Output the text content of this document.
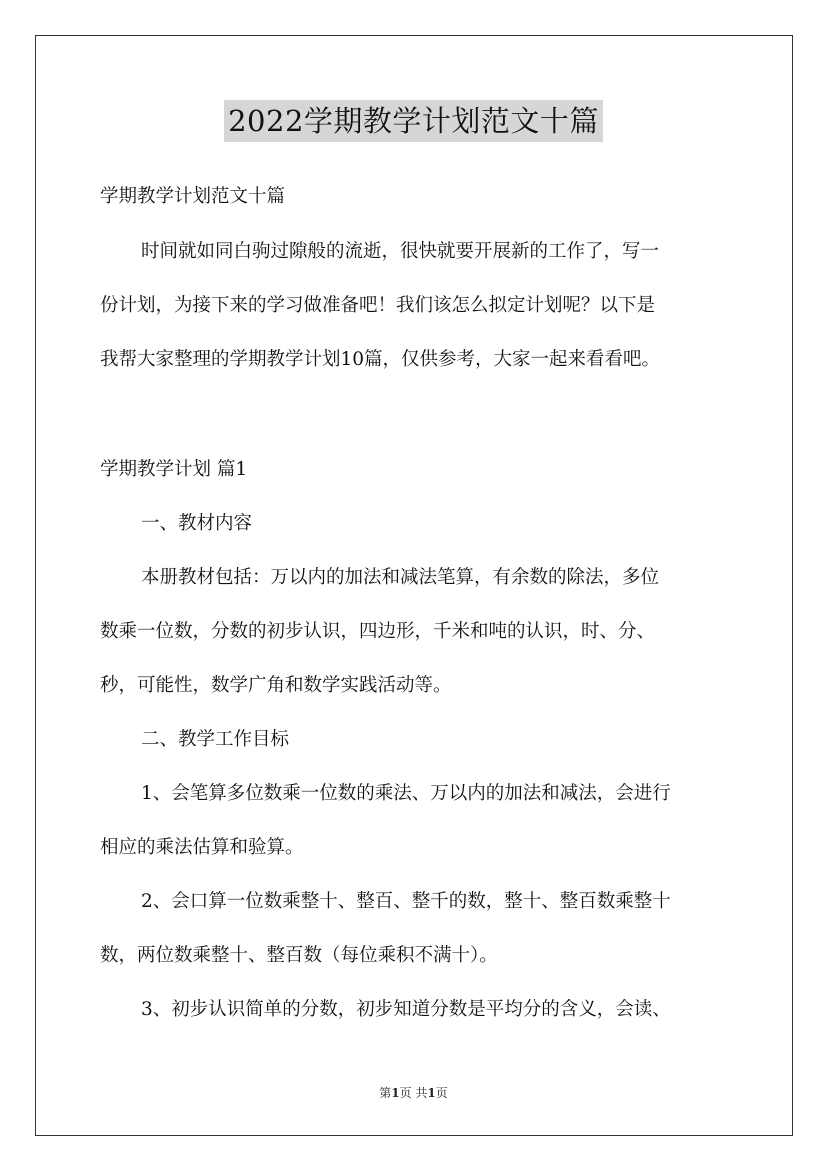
2022学期教学计划范文十篇
学期教学计划范文十篇
时间就如同白驹过隙般的流逝，很快就要开展新的工作了，写一
份计划，为接下来的学习做准备吧！我们该怎么拟定计划呢？以下是
我帮大家整理的学期教学计划10篇，仅供参考，大家一起来看看吧。
学期教学计划 篇1
一、教材内容
本册教材包括：万以内的加法和减法笔算，有余数的除法，多位
数乘一位数，分数的初步认识，四边形，千米和吨的认识，时、分、
秒，可能性，数学广角和数学实践活动等。
二、教学工作目标
1、会笔算多位数乘一位数的乘法、万以内的加法和减法，会进行
相应的乘法估算和验算。
2、会口算一位数乘整十、整百、整千的数，整十、整百数乘整十
数，两位数乘整十、整百数（每位乘积不满十）。
3、初步认识简单的分数，初步知道分数是平均分的含义，会读、
第1页 共1页
